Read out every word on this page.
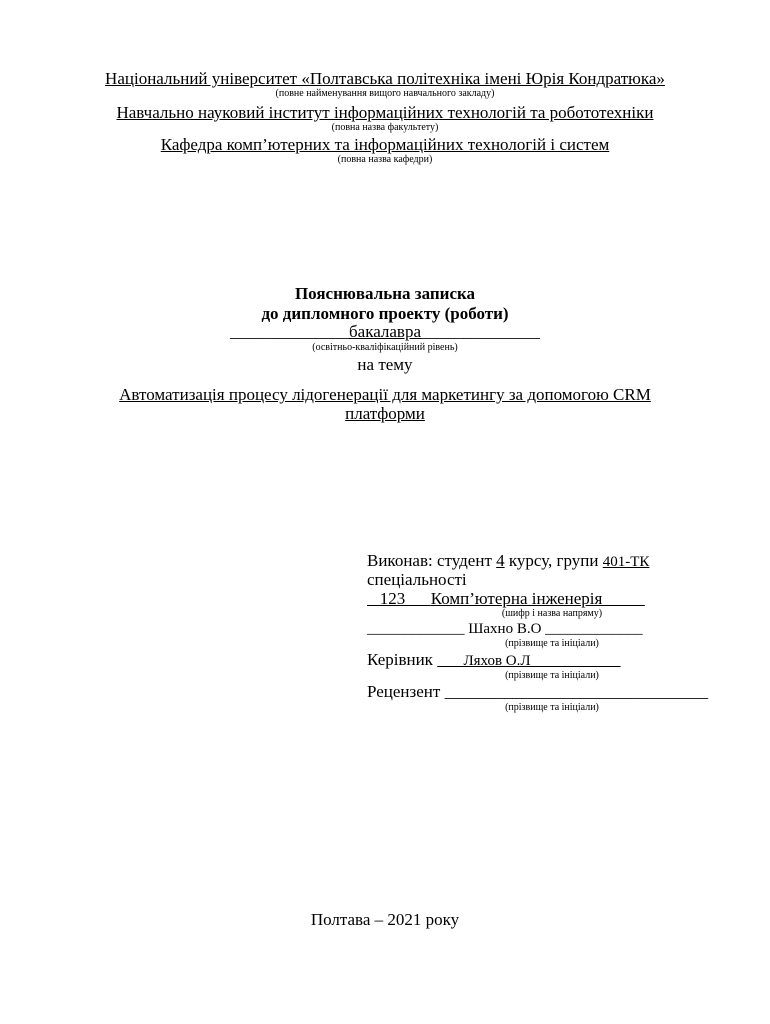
Національний університет «Полтавська політехніка імені Юрія Кондратюка»
(повне найменування вищого навчального закладу)
Навчально науковий інститут інформаційних технологій та робототехніки
(повна назва факультету)
Кафедра комп’ютерних та інформаційних технологій і систем
(повна назва кафедри)
Пояснювальна записка
до дипломного проекту (роботи)
______________бакалавра______________
(освітньо-кваліфікаційний рівень)
на тему
Автоматизація процесу лідогенерації для маркетингу за допомогою CRM
платформи
Виконав: студент 4 курсу, групи 401-ТК
спеціальності
123      Комп’ютерна інженерія
(шифр і назва напряму)
_____________ Шахно В.О _____________
(прізвище та ініціали)
Керівник        Ляхов О.Л
(прізвище та ініціали)
Рецензент _______________________________
(прізвище та ініціали)
Полтава – 2021 року
